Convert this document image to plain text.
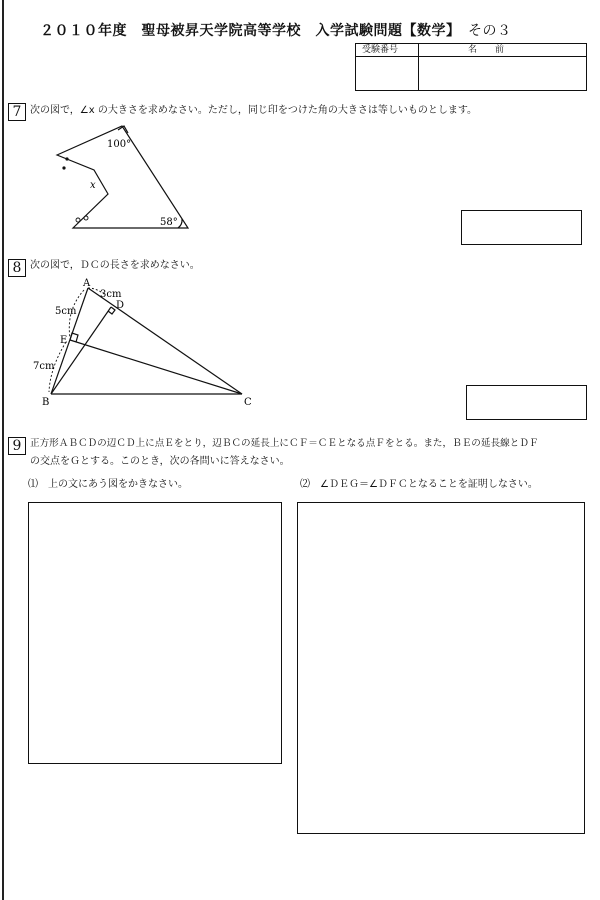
２０１０年度　聖母被昇天学院高等学校　入学試験問題【数学】　 その３
受験番号	名　　前
7 次の図で，∠x の大きさを求めなさい。ただし，同じ印をつけた角の大きさは等しいものとします。
100°
58°
x
8 次の図で，ＤＣの長さを求めなさい。
A
B	C
D
E
3cm
5cm
7cm
9 正方形ＡＢＣＤの辺ＣＤ上に点Ｅをとり，辺ＢＣの延長上にＣＦ＝ＣＥとなる点Ｆをとる。また，ＢＥの延長線とＤＦ
の交点をＧとする。このとき，次の各問いに答えなさい。
⑴　上の文にあう図をかきなさい。	⑵　∠ＤＥＧ＝∠ＤＦＣとなることを証明しなさい。
